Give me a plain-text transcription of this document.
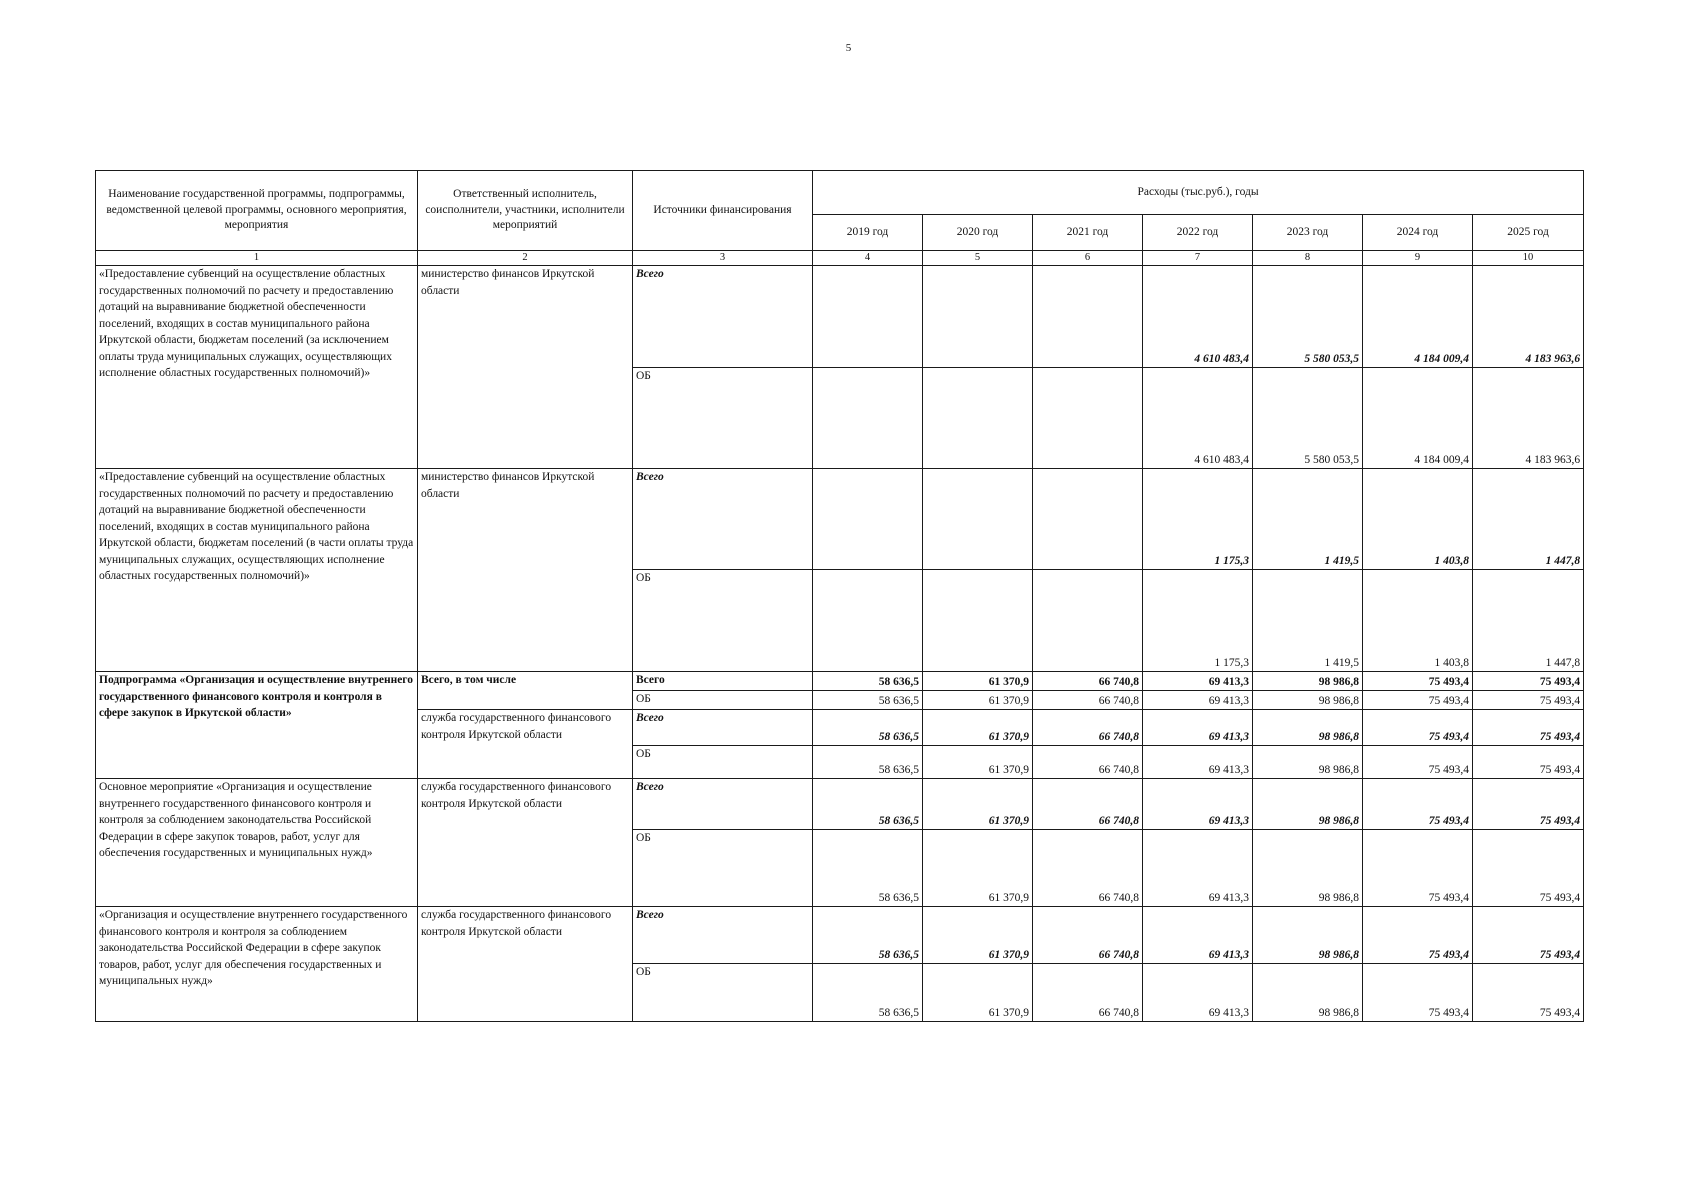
5
Наименование государственной программы, подпрограммы, ведомственной целевой программы, основного мероприятия, мероприятия	Ответственный исполнитель, соисполнители, участники, исполнители мероприятий	Источники финансирования	Расходы (тыс.руб.), годы						
			2019 год	2020 год	2021 год	2022 год	2023 год	2024 год	2025 год
1	2	3	4	5	6	7	8	9	10
«Предоставление субвенций на осуществление областных государственных полномочий по расчету и предоставлению дотаций на выравнивание бюджетной обеспеченности поселений, входящих в состав муниципального района Иркутской области, бюджетам поселений (за исключением оплаты труда муниципальных служащих, осуществляющих исполнение областных государственных полномочий)»	министерство финансов Иркутской области	Всего				4 610 483,4	5 580 053,5	4 184 009,4	4 183 963,6
		ОБ				4 610 483,4	5 580 053,5	4 184 009,4	4 183 963,6
«Предоставление субвенций на осуществление областных государственных полномочий по расчету и предоставлению дотаций на выравнивание бюджетной обеспеченности поселений, входящих в состав муниципального района Иркутской области, бюджетам поселений (в части оплаты труда муниципальных служащих, осуществляющих исполнение областных государственных полномочий)»	министерство финансов Иркутской области	Всего				1 175,3	1 419,5	1 403,8	1 447,8
		ОБ				1 175,3	1 419,5	1 403,8	1 447,8
Подпрограмма «Организация и осуществление внутреннего государственного финансового контроля и контроля в сфере закупок в Иркутской области»	Всего, в том числе	Всего	58 636,5	61 370,9	66 740,8	69 413,3	98 986,8	75 493,4	75 493,4
		ОБ	58 636,5	61 370,9	66 740,8	69 413,3	98 986,8	75 493,4	75 493,4
	служба государственного финансового контроля Иркутской области	Всего	58 636,5	61 370,9	66 740,8	69 413,3	98 986,8	75 493,4	75 493,4
		ОБ	58 636,5	61 370,9	66 740,8	69 413,3	98 986,8	75 493,4	75 493,4
Основное мероприятие «Организация и осуществление внутреннего государственного финансового контроля и контроля за соблюдением законодательства Российской Федерации в сфере закупок товаров, работ, услуг для обеспечения государственных и муниципальных нужд»	служба государственного финансового контроля Иркутской области	Всего	58 636,5	61 370,9	66 740,8	69 413,3	98 986,8	75 493,4	75 493,4
		ОБ	58 636,5	61 370,9	66 740,8	69 413,3	98 986,8	75 493,4	75 493,4
«Организация и осуществление внутреннего государственного финансового контроля и контроля за соблюдением законодательства Российской Федерации в сфере закупок товаров, работ, услуг для обеспечения государственных и муниципальных нужд»	служба государственного финансового контроля Иркутской области	Всего	58 636,5	61 370,9	66 740,8	69 413,3	98 986,8	75 493,4	75 493,4
		ОБ	58 636,5	61 370,9	66 740,8	69 413,3	98 986,8	75 493,4	75 493,4
